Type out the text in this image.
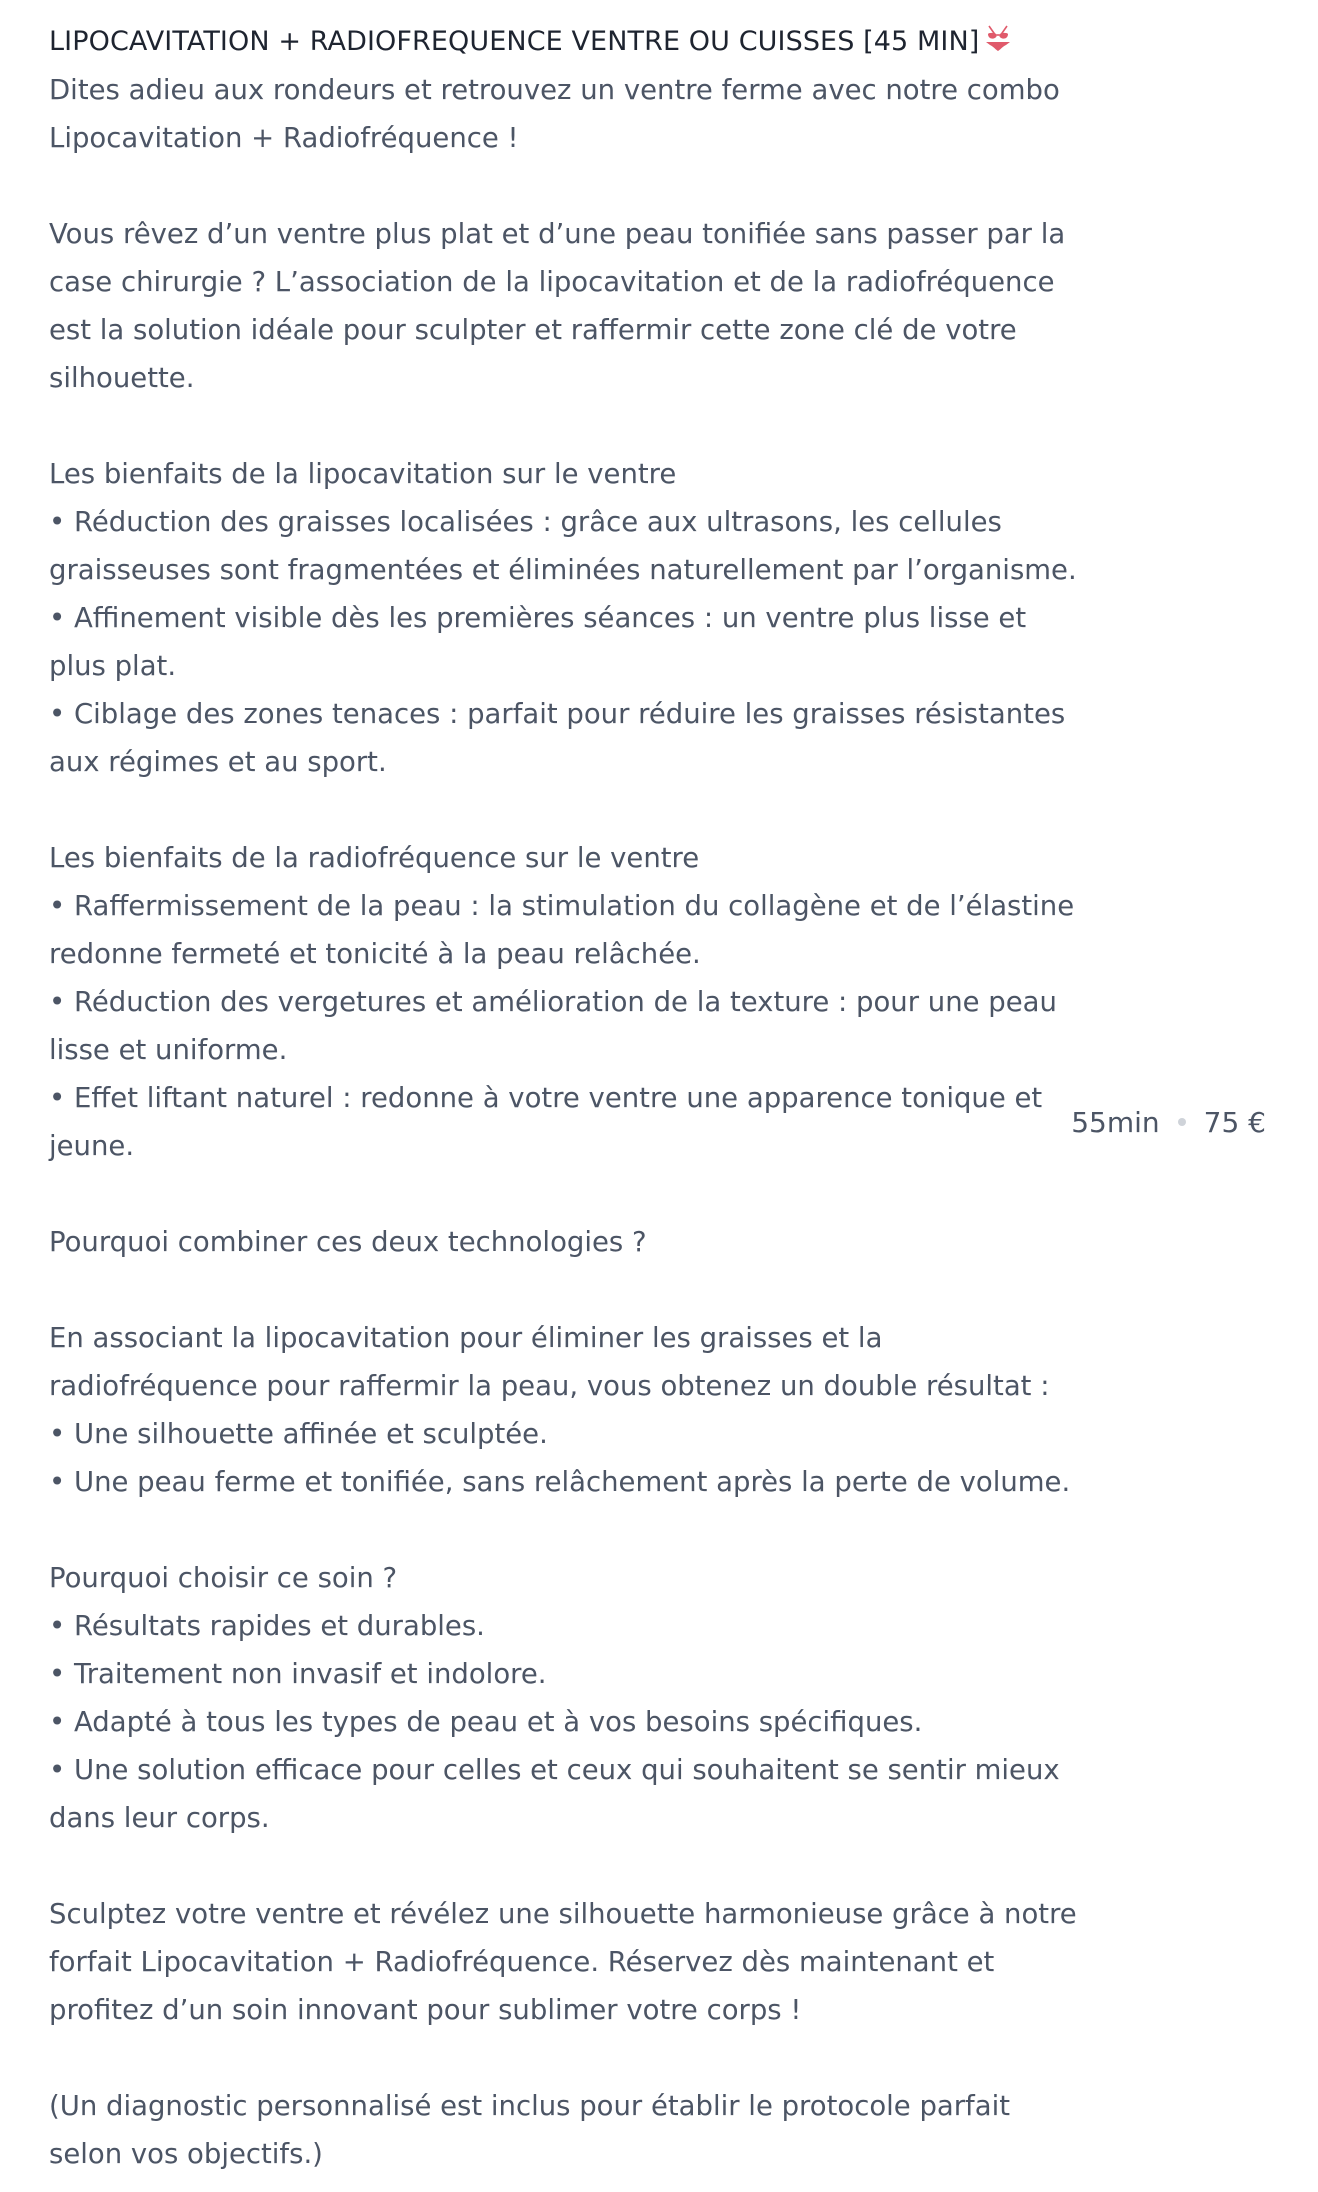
LIPOCAVITATION + RADIOFREQUENCE VENTRE OU CUISSES [45 MIN]
Dites adieu aux rondeurs et retrouvez un ventre ferme avec notre combo
Lipocavitation + Radiofréquence !
Vous rêvez d’un ventre plus plat et d’une peau tonifiée sans passer par la
case chirurgie ? L’association de la lipocavitation et de la radiofréquence
est la solution idéale pour sculpter et raffermir cette zone clé de votre
silhouette.
Les bienfaits de la lipocavitation sur le ventre
• Réduction des graisses localisées : grâce aux ultrasons, les cellules
graisseuses sont fragmentées et éliminées naturellement par l’organisme.
• Affinement visible dès les premières séances : un ventre plus lisse et
plus plat.
• Ciblage des zones tenaces : parfait pour réduire les graisses résistantes
aux régimes et au sport.
Les bienfaits de la radiofréquence sur le ventre
• Raffermissement de la peau : la stimulation du collagène et de l’élastine
redonne fermeté et tonicité à la peau relâchée.
• Réduction des vergetures et amélioration de la texture : pour une peau
lisse et uniforme.
• Effet liftant naturel : redonne à votre ventre une apparence tonique et
jeune.
Pourquoi combiner ces deux technologies ?
En associant la lipocavitation pour éliminer les graisses et la
radiofréquence pour raffermir la peau, vous obtenez un double résultat :
• Une silhouette affinée et sculptée.
• Une peau ferme et tonifiée, sans relâchement après la perte de volume.
Pourquoi choisir ce soin ?
• Résultats rapides et durables.
• Traitement non invasif et indolore.
• Adapté à tous les types de peau et à vos besoins spécifiques.
• Une solution efficace pour celles et ceux qui souhaitent se sentir mieux
dans leur corps.
Sculptez votre ventre et révélez une silhouette harmonieuse grâce à notre
forfait Lipocavitation + Radiofréquence. Réservez dès maintenant et
profitez d’un soin innovant pour sublimer votre corps !
(Un diagnostic personnalisé est inclus pour établir le protocole parfait
selon vos objectifs.)
55min 75 €
